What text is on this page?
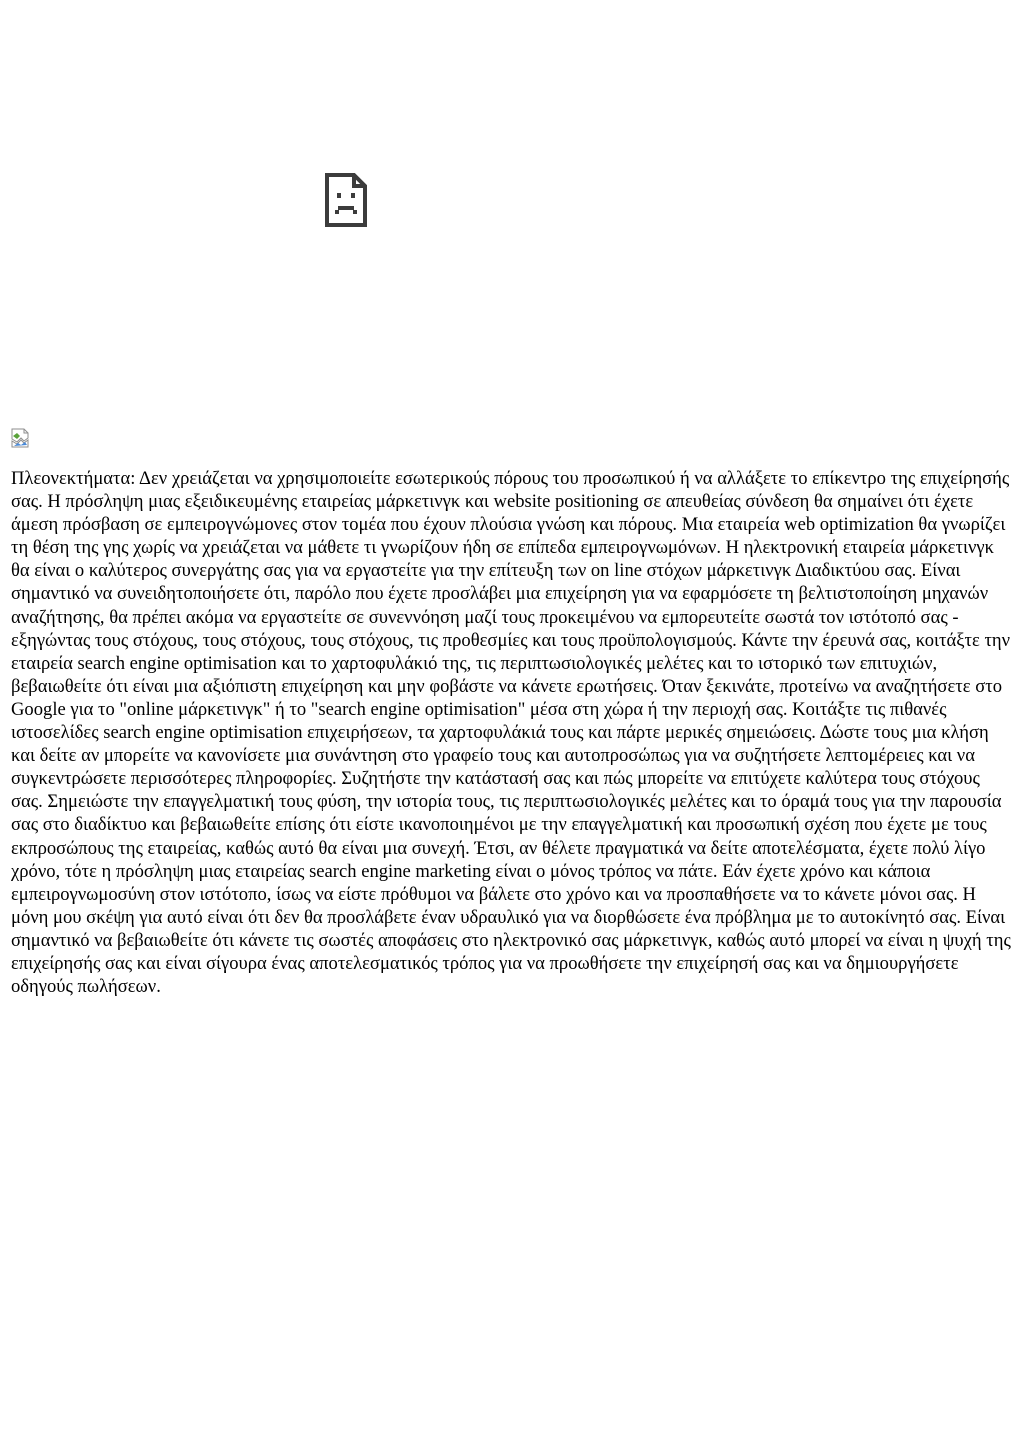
Πλεονεκτήματα: Δεν χρειάζεται να χρησιμοποιείτε εσωτερικούς πόρους του προσωπικού ή να αλλάξετε το επίκεντρο της επιχείρησής σας. Η πρόσληψη μιας εξειδικευμένης εταιρείας μάρκετινγκ και website positioning σε απευθείας σύνδεση θα σημαίνει ότι έχετε άμεση πρόσβαση σε εμπειρογνώμονες στον τομέα που έχουν πλούσια γνώση και πόρους. Μια εταιρεία web optimization θα γνωρίζει τη θέση της γης χωρίς να χρειάζεται να μάθετε τι γνωρίζουν ήδη σε επίπεδα εμπειρογνωμόνων. Η ηλεκτρονική εταιρεία μάρκετινγκ θα είναι ο καλύτερος συνεργάτης σας για να εργαστείτε για την επίτευξη των on line στόχων μάρκετινγκ Διαδικτύου σας. Είναι σημαντικό να συνειδητοποιήσετε ότι, παρόλο που έχετε προσλάβει μια επιχείρηση για να εφαρμόσετε τη βελτιστοποίηση μηχανών αναζήτησης, θα πρέπει ακόμα να εργαστείτε σε συνεννόηση μαζί τους προκειμένου να εμπορευτείτε σωστά τον ιστότοπό σας - εξηγώντας τους στόχους, τους στόχους, τους στόχους, τις προθεσμίες και τους προϋπολογισμούς. Κάντε την έρευνά σας, κοιτάξτε την εταιρεία search engine optimisation και το χαρτοφυλάκιό της, τις περιπτωσιολογικές μελέτες και το ιστορικό των επιτυχιών, βεβαιωθείτε ότι είναι μια αξιόπιστη επιχείρηση και μην φοβάστε να κάνετε ερωτήσεις. Όταν ξεκινάτε, προτείνω να αναζητήσετε στο Google για το "online μάρκετινγκ" ή το "search engine optimisation" μέσα στη χώρα ή την περιοχή σας. Κοιτάξτε τις πιθανές ιστοσελίδες search engine optimisation επιχειρήσεων, τα χαρτοφυλάκιά τους και πάρτε μερικές σημειώσεις. Δώστε τους μια κλήση και δείτε αν μπορείτε να κανονίσετε μια συνάντηση στο γραφείο τους και αυτοπροσώπως για να συζητήσετε λεπτομέρειες και να συγκεντρώσετε περισσότερες πληροφορίες. Συζητήστε την κατάστασή σας και πώς μπορείτε να επιτύχετε καλύτερα τους στόχους σας. Σημειώστε την επαγγελματική τους φύση, την ιστορία τους, τις περιπτωσιολογικές μελέτες και το όραμά τους για την παρουσία σας στο διαδίκτυο και βεβαιωθείτε επίσης ότι είστε ικανοποιημένοι με την επαγγελματική και προσωπική σχέση που έχετε με τους εκπροσώπους της εταιρείας, καθώς αυτό θα είναι μια συνεχή. Έτσι, αν θέλετε πραγματικά να δείτε αποτελέσματα, έχετε πολύ λίγο χρόνο, τότε η πρόσληψη μιας εταιρείας search engine marketing είναι ο μόνος τρόπος να πάτε. Εάν έχετε χρόνο και κάποια εμπειρογνωμοσύνη στον ιστότοπο, ίσως να είστε πρόθυμοι να βάλετε στο χρόνο και να προσπαθήσετε να το κάνετε μόνοι σας. Η μόνη μου σκέψη για αυτό είναι ότι δεν θα προσλάβετε έναν υδραυλικό για να διορθώσετε ένα πρόβλημα με το αυτοκίνητό σας. Είναι σημαντικό να βεβαιωθείτε ότι κάνετε τις σωστές αποφάσεις στο ηλεκτρονικό σας μάρκετινγκ, καθώς αυτό μπορεί να είναι η ψυχή της επιχείρησής σας και είναι σίγουρα ένας αποτελεσματικός τρόπος για να προωθήσετε την επιχείρησή σας και να δημιουργήσετε οδηγούς πωλήσεων.
